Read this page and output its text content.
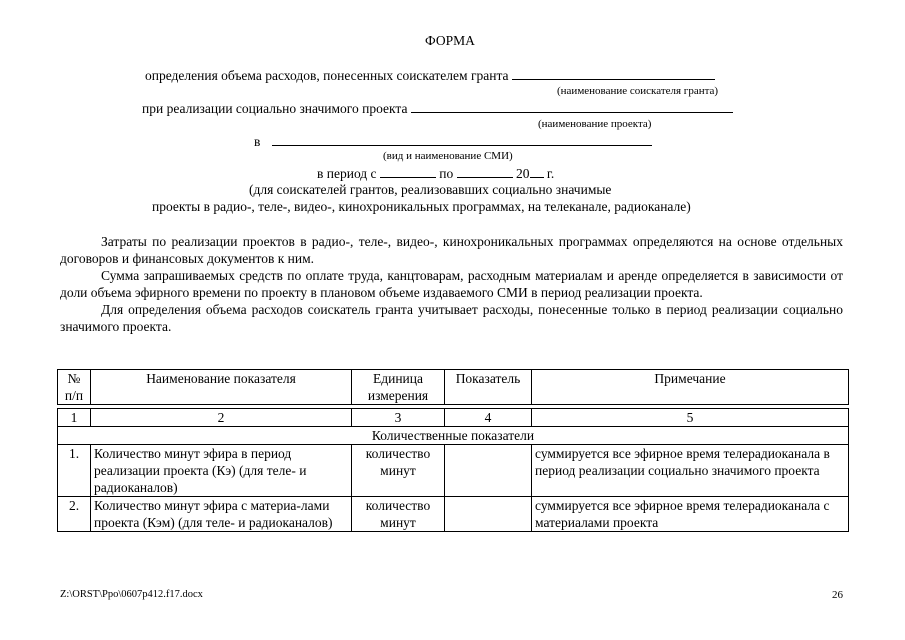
ФОРМА
определения объема расходов, понесенных соискателем гранта
(наименование соискателя гранта)
при реализации социально значимого проекта
(наименование проекта)
в
(вид и наименование СМИ)
в период с	по	20 г.
(для соискателей грантов, реализовавших социально значимые
проекты в радио-, теле-, видео-, кинохроникальных программах, на телеканале, радиоканале)

Затраты по реализации проектов в радио-, теле-, видео-, кинохроникальных программах определяются на основе отдельных договоров и финансовых документов к ним.

Сумма запрашиваемых средств по оплате труда, канцтоварам, расходным материалам и аренде определяется в зависимости от доли объема эфирного времени по проекту в плановом объеме издаваемого СМИ в период реализации проекта.

Для определения объема расходов соискатель гранта учитывает расходы, понесенные только в период реализации социально значимого проекта.

№ п/п	Наименование показателя	Единица измерения	Показатель	Примечание

1	2	3	4	5
Количественные показатели				
1.	Количество минут эфира в период реализации проекта (Кэ) (для теле- и радиоканалов)	количество минут		суммируется все эфирное время телерадиоканала в период реализации социально значимого проекта
2.	Количество минут эфира с материа-лами проекта (Кэм) (для теле- и радиоканалов)	количество минут		суммируется все эфирное время телерадиоканала с материалами проекта
Z:\ORST\Ppo\0607p412.f17.docx	26
